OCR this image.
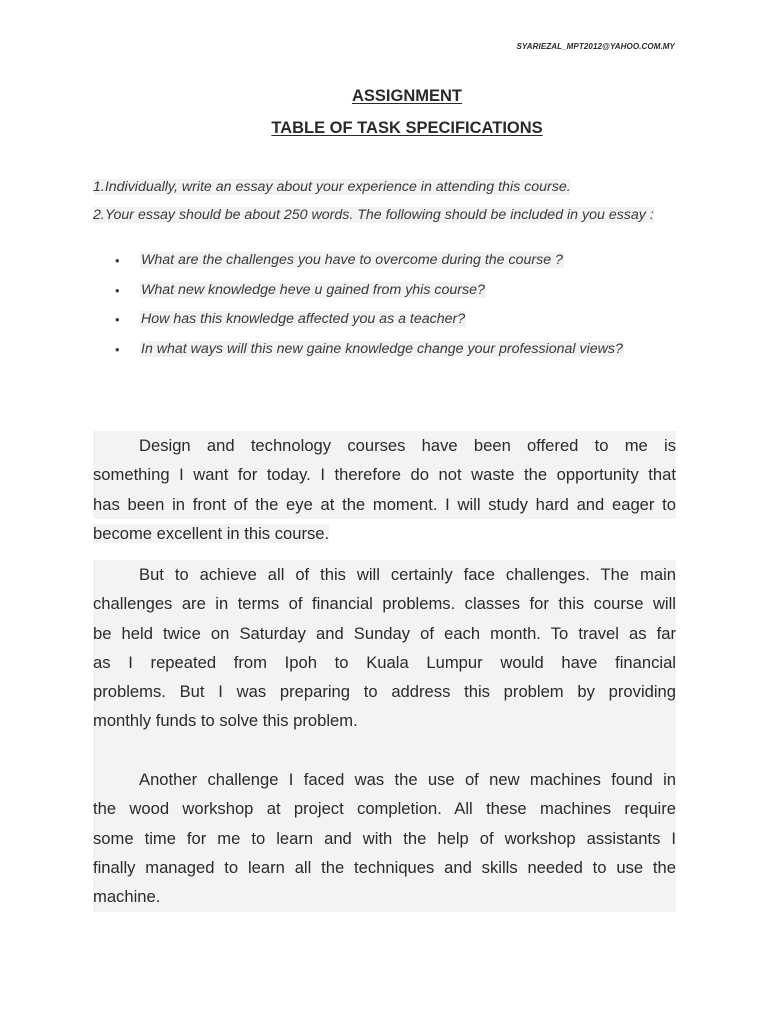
SYARIEZAL_MPT2012@YAHOO.COM.MY
ASSIGNMENT
TABLE OF TASK SPECIFICATIONS
1.Individually, write an essay about your experience in attending this course.
2.Your essay should be about 250 words. The following should be included in you essay :
• What are the challenges you have to overcome during the course ?
• What new knowledge heve u gained from yhis course?
• How has this knowledge affected you as a teacher?
• In what ways will this new gaine knowledge change your professional views?
Design and technology courses have been offered to me is
something I want for today. I therefore do not waste the opportunity that
has been in front of the eye at the moment. I will study hard and eager to
become excellent in this course.
But to achieve all of this will certainly face challenges. The main
challenges are in terms of financial problems. classes for this course will
be held twice on Saturday and Sunday of each month. To travel as far
as I repeated from Ipoh to Kuala Lumpur would have financial
problems. But I was preparing to address this problem by providing
monthly funds to solve this problem.
Another challenge I faced was the use of new machines found in
the wood workshop at project completion. All these machines require
some time for me to learn and with the help of workshop assistants I
finally managed to learn all the techniques and skills needed to use the
machine.
